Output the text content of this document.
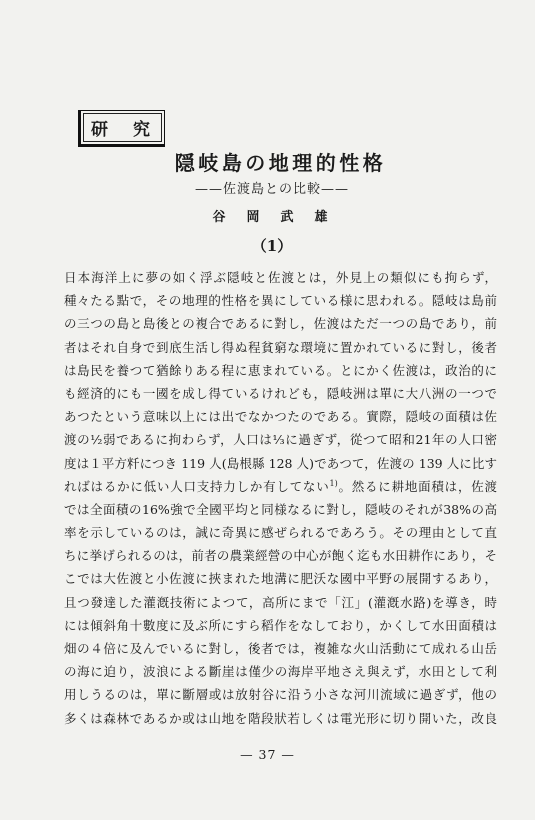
研　究
隠岐島の地理的性格
——佐渡島との比較——
谷　岡　武　雄
（1）
日本海洋上に夢の如く浮ぶ隠岐と佐渡とは，外見上の類似にも拘らず，
種々たる點で，その地理的性格を異にしている様に思われる。隠岐は島前
の三つの島と島後との複合であるに對し，佐渡はただ一つの島であり，前
者はそれ自身で到底生活し得ぬ程貧窮な環境に置かれているに對し，後者
は島民を養つて猶餘りある程に恵まれている。とにかく佐渡は，政治的に
も經済的にも一國を成し得ているけれども，隠岐洲は單に大八洲の一つで
あつたという意味以上には出でなかつたのである。實際，隠岐の面積は佐
渡の½弱であるに拘わらず，人口は⅓に過ぎず，從つて昭和21年の人口密
度は１平方粁につき 119 人(島根縣 128 人)であつて，佐渡の 139 人に比す
ればはるかに低い人口支持力しか有してない$^{1)}$。然るに耕地面積は，佐渡
では全面積の16%強で全國平均と同様なるに對し，隠岐のそれが38%の高
率を示しているのは，誠に奇異に感ぜられるであろう。その理由として直
ちに挙げられるのは，前者の農業經營の中心が飽く迄も水田耕作にあり，そ
こでは大佐渡と小佐渡に挾まれた地溝に肥沃な國中平野の展開するあり，
且つ發達した灌漑技術によつて，高所にまで「江」(灌漑水路)を導き，時
には傾斜角十數度に及ぶ所にすら稻作をなしており，かくして水田面積は
畑の４倍に及んでいるに對し，後者では，複雑な火山活動にて成れる山岳
の海に迫り，波浪による斷崖は僅少の海岸平地さえ與えず，水田として利
用しうるのは，單に斷層或は放射谷に沿う小さな河川流域に過ぎず，他の
多くは森林であるか或は山地を階段狀若しくは電光形に切り開いた，改良
— 37 —
